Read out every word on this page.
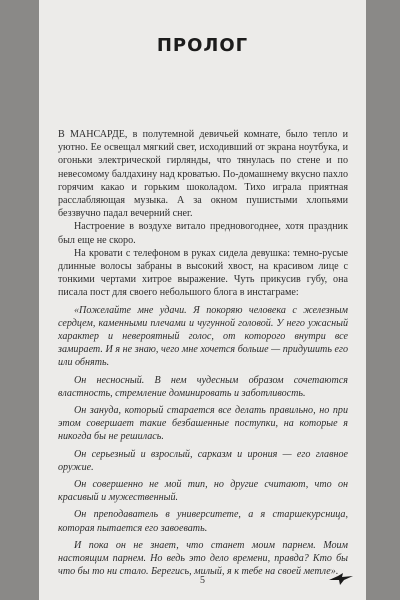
ПРОЛОГ

В МАНСАРДЕ, в полутемной девичьей комнате, было тепло и уютно. Ее освещал мягкий свет, исходивший от экрана ноутбука, и огоньки электрической гирлянды, что тянулась по стене и по невесомому балдахину над кроватью. По-домашнему вкусно пахло горячим какао и горьким шоколадом. Тихо играла приятная расслабляющая музыка. А за окном пушистыми хлопьями беззвучно падал вечерний снег.

Настроение в воздухе витало предновогоднее, хотя праздник был еще не скоро.

На кровати с телефоном в руках сидела девушка: темно-русые длинные волосы забраны в высокий хвост, на красивом лице с тонкими чертами хитрое выражение. Чуть прикусив губу, она писала пост для своего небольшого блога в инстаграме:

«Пожелайте мне удачи. Я покоряю человека с железным сердцем, каменными плечами и чугунной головой. У него ужасный характер и невероятный голос, от которого внутри все замирает. И я не знаю, чего мне хочется больше — придушить его или обнять.

Он несносный. В нем чудесным образом сочетаются властность, стремление доминировать и заботливость.

Он зануда, который старается все делать правильно, но при этом совершает такие безбашенные поступки, на которые я никогда бы не решилась.

Он серьезный и взрослый, сарказм и ирония — его главное оружие.

Он совершенно не мой тип, но другие считают, что он красивый и мужественный.

Он преподаватель в университете, а я старшекурсница, которая пытается его завоевать.

И пока он не знает, что станет моим парнем. Моим настоящим парнем. Но ведь это дело времени, правда? Кто бы что бы то ни стало. Берегись, милый, я к тебе на своей метле».

5
